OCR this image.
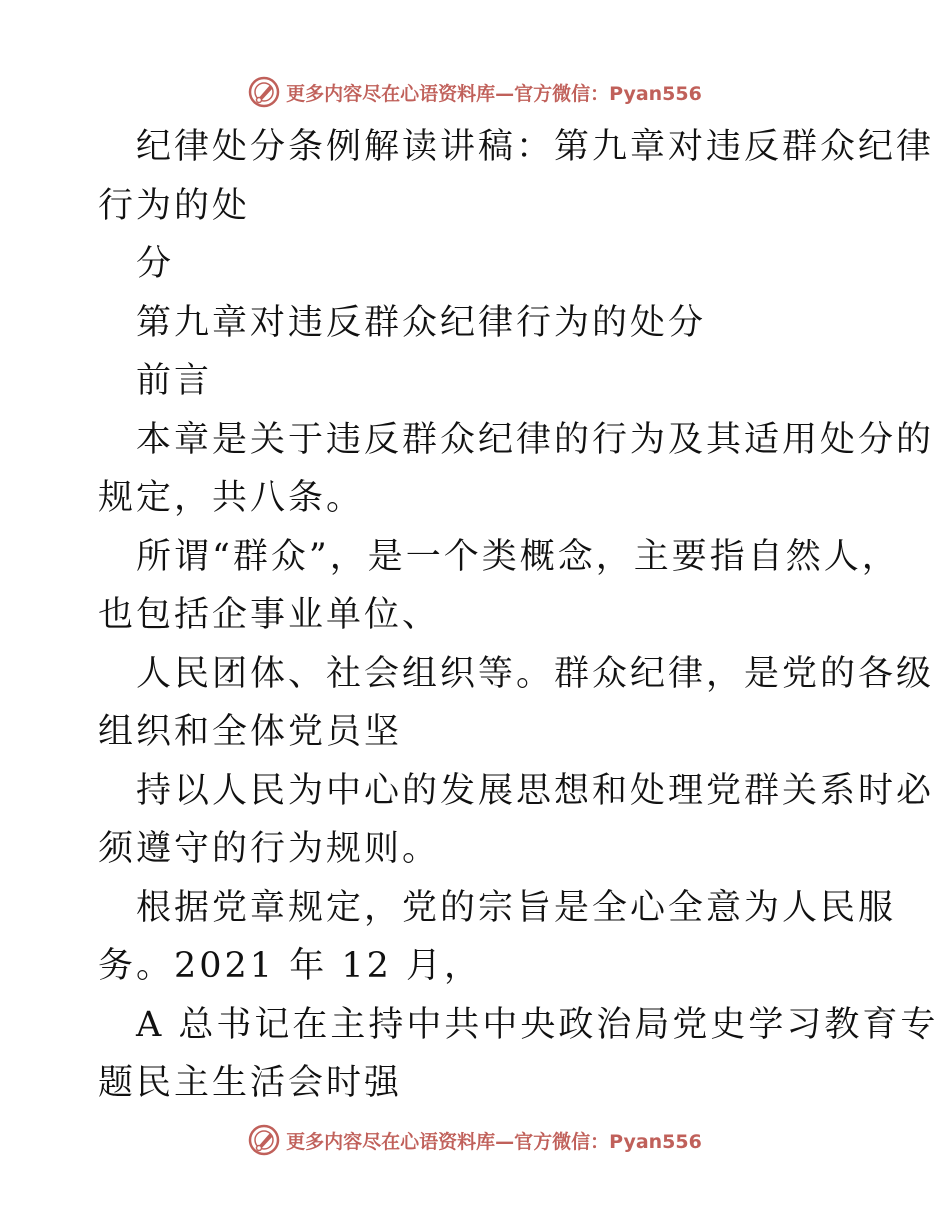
更多内容尽在心语资料库— 官方微信：Pyan556

纪律处分条例解读讲稿：第九章对违反群众纪律
行为的处

分

第九章对违反群众纪律行为的处分

前言

本章是关于违反群众纪律的行为及其适用处分的
规定，共八条。

所谓“群众”，是一个类概念，主要指自然人，
也包括企事业单位、

人民团体、社会组织等。群众纪律，是党的各级
组织和全体党员坚

持以人民为中心的发展思想和处理党群关系时必
须遵守的行为规则。

根据党章规定，党的宗旨是全心全意为人民服
务。2021 年 12 月，

A 总书记在主持中共中央政治局党史学习教育专
题民主生活会时强

更多内容尽在心语资料库— 官方微信：Pyan556
